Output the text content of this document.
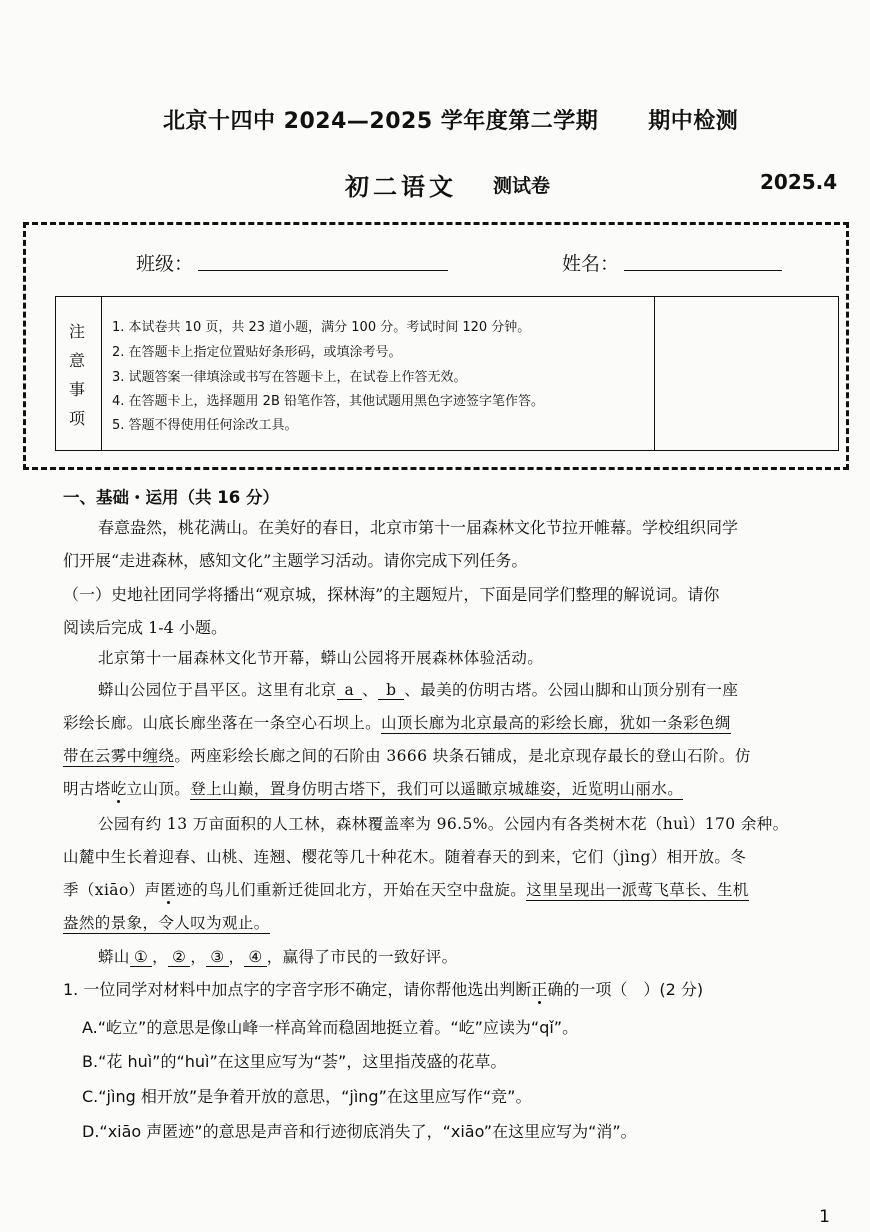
北京十四中 2024—2025 学年度第二学期 期中检测
初二语文 测试卷	2025.4
班级：	姓名：
注意事项
1. 本试卷共 10 页，共 23 道小题，满分 100 分。考试时间 120 分钟。
2. 在答题卡上指定位置贴好条形码，或填涂考号。
3. 试题答案一律填涂或书写在答题卡上，在试卷上作答无效。
4. 在答题卡上，选择题用 2B 铅笔作答，其他试题用黑色字迹签字笔作答。
5. 答题不得使用任何涂改工具。
一、基础・运用（共 16 分）
春意盎然，桃花满山。在美好的春日，北京市第十一届森林文化节拉开帷幕。学校组织同学
们开展“走进森林，感知文化”主题学习活动。请你完成下列任务。
（一）史地社团同学将播出“观京城，探林海”的主题短片，下面是同学们整理的解说词。请你
阅读后完成 1-4 小题。
北京第十一届森林文化节开幕，蟒山公园将开展森林体验活动。
蟒山公园位于昌平区。这里有北京 a 、 b 、最美的仿明古塔。公园山脚和山顶分别有一座
彩绘长廊。山底长廊坐落在一条空心石坝上。山顶长廊为北京最高的彩绘长廊，犹如一条彩色绸
带在云雾中缠绕。两座彩绘长廊之间的石阶由 3666 块条石铺成，是北京现存最长的登山石阶。仿
明古塔屹立山顶。登上山巅，置身仿明古塔下，我们可以遥瞰京城雄姿，近览明山丽水。
公园有约 13 万亩面积的人工林，森林覆盖率为 96.5%。公园内有各类树木花（huì）170 余种。
山麓中生长着迎春、山桃、连翘、樱花等几十种花木。随着春天的到来，它们（jìng）相开放。冬
季（xiāo）声匿迹的鸟儿们重新迁徙回北方，开始在天空中盘旋。这里呈现出一派莺飞草长、生机
盎然的景象，令人叹为观止。
蟒山 ① ， ② ， ③ ， ④ ，赢得了市民的一致好评。
1. 一位同学对材料中加点字的字音字形不确定，请你帮他选出判断正确的一项（　）(2 分)
A.“屹立”的意思是像山峰一样高耸而稳固地挺立着。“屹”应读为“qǐ”。
B.“花 huì”的“huì”在这里应写为“荟”，这里指茂盛的花草。
C.“jìng 相开放”是争着开放的意思，“jìng”在这里应写作“竞”。
D.“xiāo 声匿迹”的意思是声音和行迹彻底消失了，“xiāo”在这里应写为“消”。
1
